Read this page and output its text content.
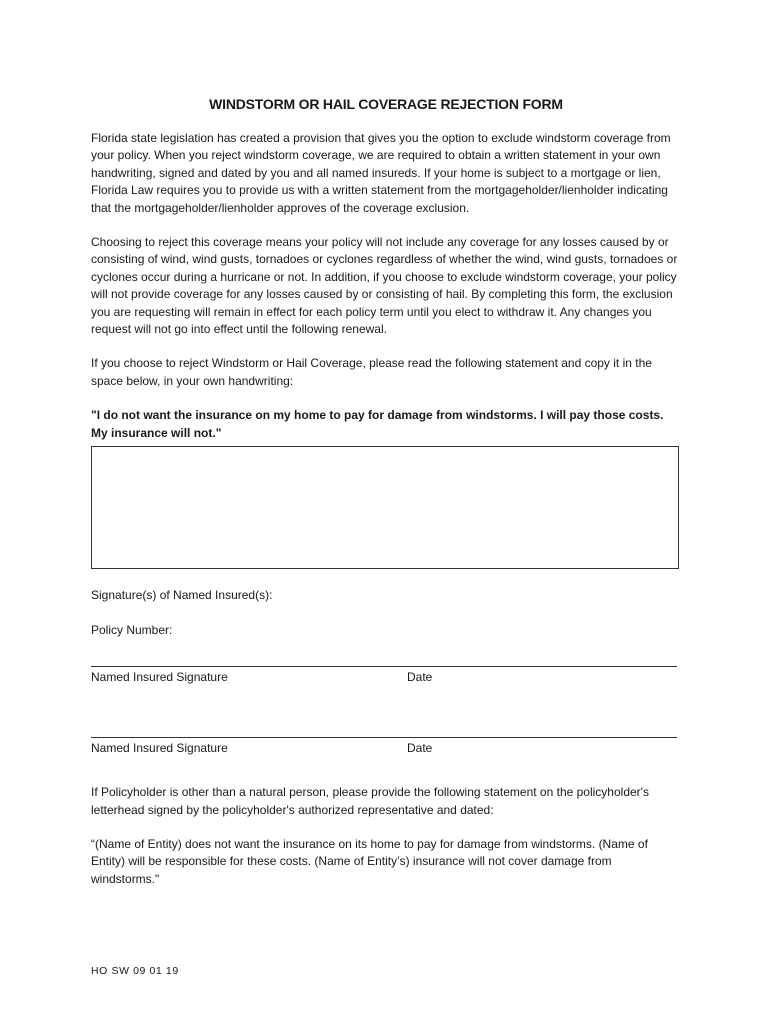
WINDSTORM OR HAIL COVERAGE REJECTION FORM

Florida state legislation has created a provision that gives you the option to exclude windstorm coverage from your policy. When you reject windstorm coverage, we are required to obtain a written statement in your own handwriting, signed and dated by you and all named insureds. If your home is subject to a mortgage or lien, Florida Law requires you to provide us with a written statement from the mortgageholder/lienholder indicating that the mortgageholder/lienholder approves of the coverage exclusion.

Choosing to reject this coverage means your policy will not include any coverage for any losses caused by or consisting of wind, wind gusts, tornadoes or cyclones regardless of whether the wind, wind gusts, tornadoes or cyclones occur during a hurricane or not. In addition, if you choose to exclude windstorm coverage, your policy will not provide coverage for any losses caused by or consisting of hail. By completing this form, the exclusion you are requesting will remain in effect for each policy term until you elect to withdraw it. Any changes you request will not go into effect until the following renewal.

If you choose to reject Windstorm or Hail Coverage, please read the following statement and copy it in the space below, in your own handwriting:

"I do not want the insurance on my home to pay for damage from windstorms. I will pay those costs. My insurance will not."

Signature(s) of Named Insured(s):

Policy Number:

Named Insured Signature	Date
Named Insured Signature	Date

If Policyholder is other than a natural person, please provide the following statement on the policyholder's letterhead signed by the policyholder's authorized representative and dated:

“(Name of Entity) does not want the insurance on its home to pay for damage from windstorms. (Name of Entity) will be responsible for these costs. (Name of Entity’s) insurance will not cover damage from windstorms."

HO SW 09 01 19
